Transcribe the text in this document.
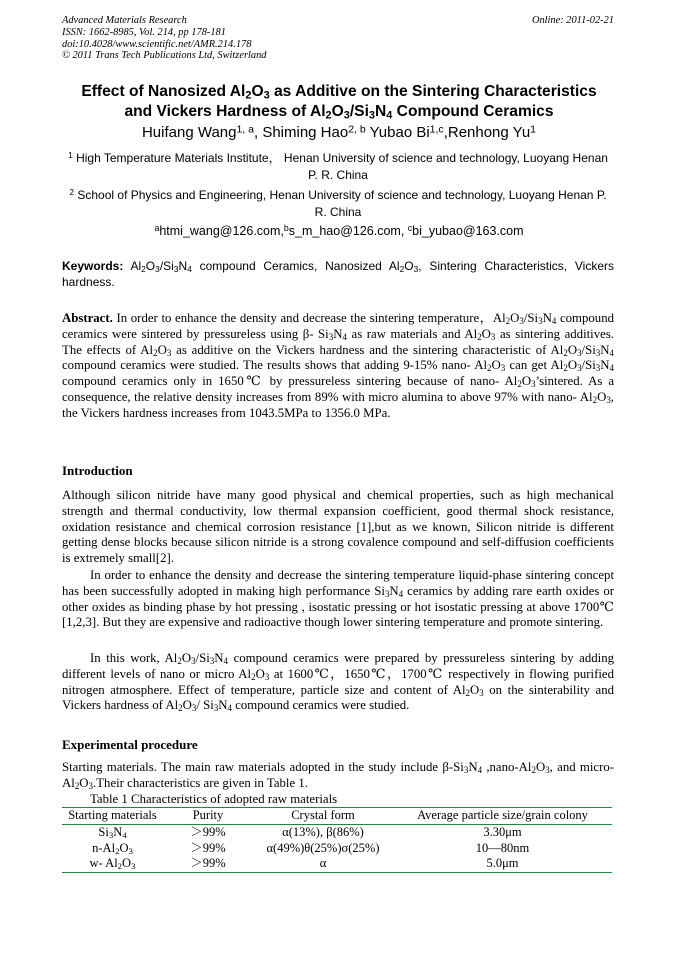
Advanced Materials Research
ISSN: 1662-8985, Vol. 214, pp 178-181
doi:10.4028/www.scientific.net/AMR.214.178
© 2011 Trans Tech Publications Ltd, Switzerland
Online: 2011-02-21
Effect of Nanosized $Al_2O_3$ as Additive on the Sintering Characteristics
and Vickers Hardness of $Al_2O_3/Si_3N_4$ Compound Ceramics
Huifang Wang$^{1, a}$, Shiming Hao$^{2, b}$ Yubao Bi$^{1,c}$,Renhong Yu$^1$
$^1$ High Temperature Materials Institute， Henan University of science and technology, Luoyang Henan P. R. China
$^2$ School of Physics and Engineering, Henan University of science and technology, Luoyang Henan P. R. China
$^a$htmi_wang@126.com,$^b$s_m_hao@126.com, $^c$bi_yubao@163.com
Keywords: $Al_2O_3/Si_3N_4$ compound Ceramics, Nanosized $Al_2O_3$, Sintering Characteristics, Vickers hardness.

Abstract. In order to enhance the density and decrease the sintering temperature，$Al_2O_3/Si_3N_4$ compound ceramics were sintered by pressureless using β- $Si_3N_4$ as raw materials and $Al_2O_3$ as sintering additives. The effects of $Al_2O_3$ as additive on the Vickers hardness and the sintering characteristic of $Al_2O_3/Si_3N_4$ compound ceramics were studied. The results shows that adding 9-15% nano- $Al_2O_3$ can get $Al_2O_3/Si_3N_4$ compound ceramics only in 1650℃ by pressureless sintering because of nano- $Al_2O_3’sintered$. As a consequence, the relative density increases from 89% with micro alumina to above 97% with nano- $Al_2O_3$, the Vickers hardness increases from 1043.5MPa to 1356.0 MPa.

Introduction

Although silicon nitride have many good physical and chemical properties, such as high mechanical strength and thermal conductivity, low thermal expansion coefficient, good thermal shock resistance, oxidation resistance and chemical corrosion resistance [1],but as we known, Silicon nitride is different getting dense blocks because silicon nitride is a strong covalence compound and self-diffusion coefficients is extremely small[2].

In order to enhance the density and decrease the sintering temperature liquid-phase sintering concept has been successfully adopted in making high performance $Si_3N_4$ ceramics by adding rare earth oxides or other oxides as binding phase by hot pressing , isostatic pressing or hot isostatic pressing at above 1700℃ [1,2,3]. But they are expensive and radioactive though lower sintering temperature and promote sintering.

In this work, $Al_2O_3/Si_3N_4$ compound ceramics were prepared by pressureless sintering by adding different levels of nano or micro $Al_2O_3$ at 1600℃，1650℃，1700℃ respectively in flowing purified nitrogen atmosphere. Effect of temperature, particle size and content of $Al_2O_3$ on the sinterability and Vickers hardness of $Al_2O_3/$ $Si_3N_4$ compound ceramics were studied.

Experimental procedure

Starting materials. The main raw materials adopted in the study include $\beta-Si_3N_4$ $,nano-Al_2O_3$, and micro-$Al_2O_3.Their$ characteristics are given in Table 1.

Table 1 Characteristics of adopted raw materials
Starting materials	Purity	Crystal form	Average particle size/grain colony
$Si_3N_4$	＞99%	α(13%), β(86%)	3.30μm
$n-Al_2O_3$	＞99%	α(49%)θ(25%)σ(25%)	10—80nm
w- $Al_2O_3$	＞99%	α	5.0μm
